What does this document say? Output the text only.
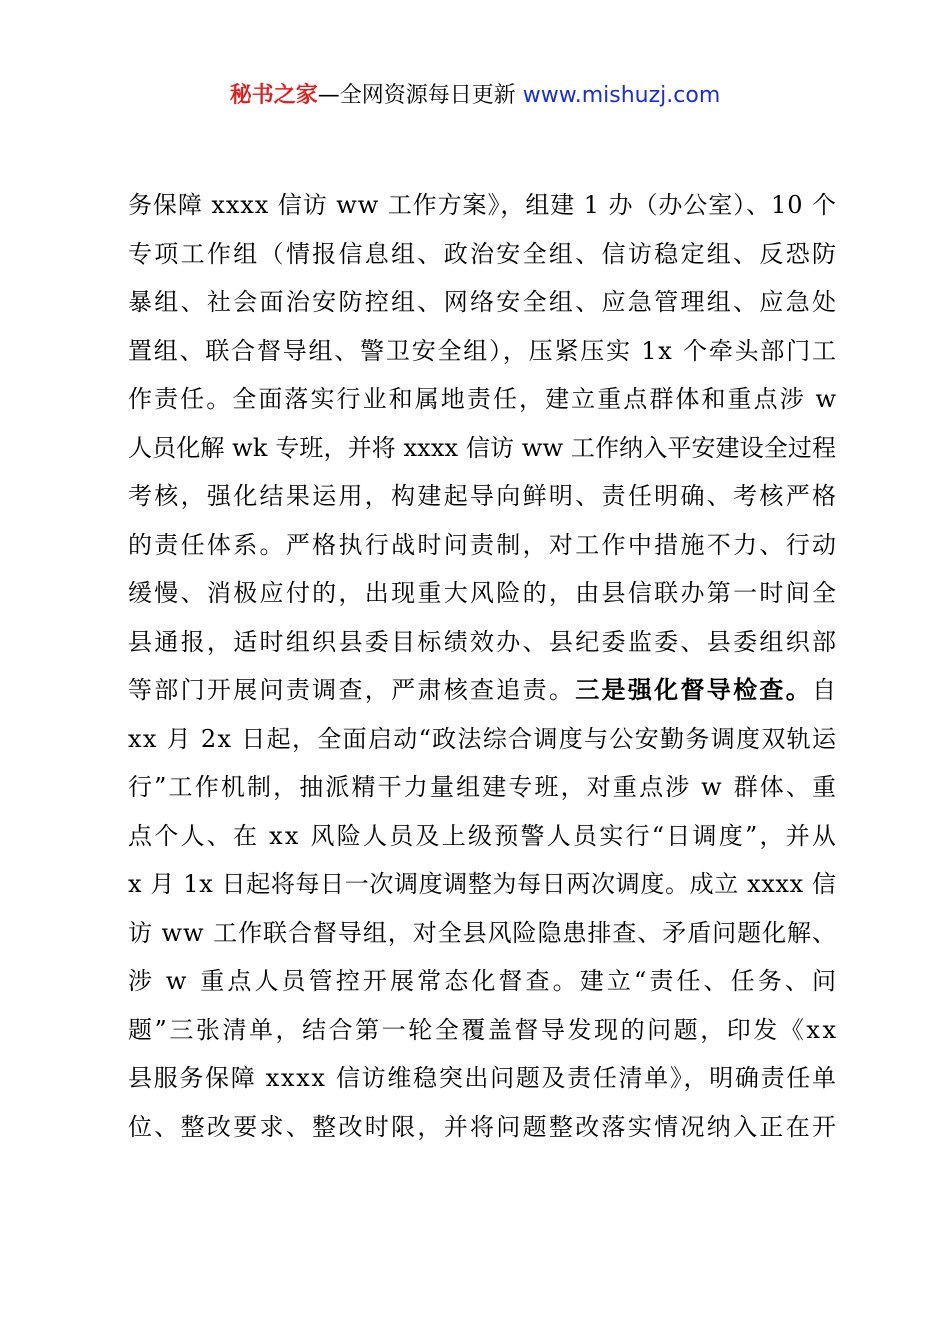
秘书之家—全网资源每日更新 www.mishuzj.com
务保障 xxxx 信访 ww 工作方案》，组建 1 办（办公室）、10 个
专项工作组（情报信息组、政治安全组、信访稳定组、反恐防
暴组、社会面治安防控组、网络安全组、应急管理组、应急处
置组、联合督导组、警卫安全组），压紧压实 1x 个牵头部门工
作责任。全面落实行业和属地责任，建立重点群体和重点涉 w
人员化解 wk 专班，并将 xxxx 信访 ww 工作纳入平安建设全过程
考核，强化结果运用，构建起导向鲜明、责任明确、考核严格
的责任体系。严格执行战时问责制，对工作中措施不力、行动
缓慢、消极应付的，出现重大风险的，由县信联办第一时间全
县通报，适时组织县委目标绩效办、县纪委监委、县委组织部
等部门开展问责调查，严肃核查追责。三是强化督导检查。自
xx 月 2x 日起，全面启动“政法综合调度与公安勤务调度双轨运
行”工作机制，抽派精干力量组建专班，对重点涉 w 群体、重
点个人、在 xx 风险人员及上级预警人员实行“日调度”，并从
x 月 1x 日起将每日一次调度调整为每日两次调度。成立 xxxx 信
访 ww 工作联合督导组，对全县风险隐患排查、矛盾问题化解、
涉 w 重点人员管控开展常态化督查。建立“责任、任务、问
题”三张清单，结合第一轮全覆盖督导发现的问题，印发《xx
县服务保障 xxxx 信访维稳突出问题及责任清单》，明确责任单
位、整改要求、整改时限，并将问题整改落实情况纳入正在开
